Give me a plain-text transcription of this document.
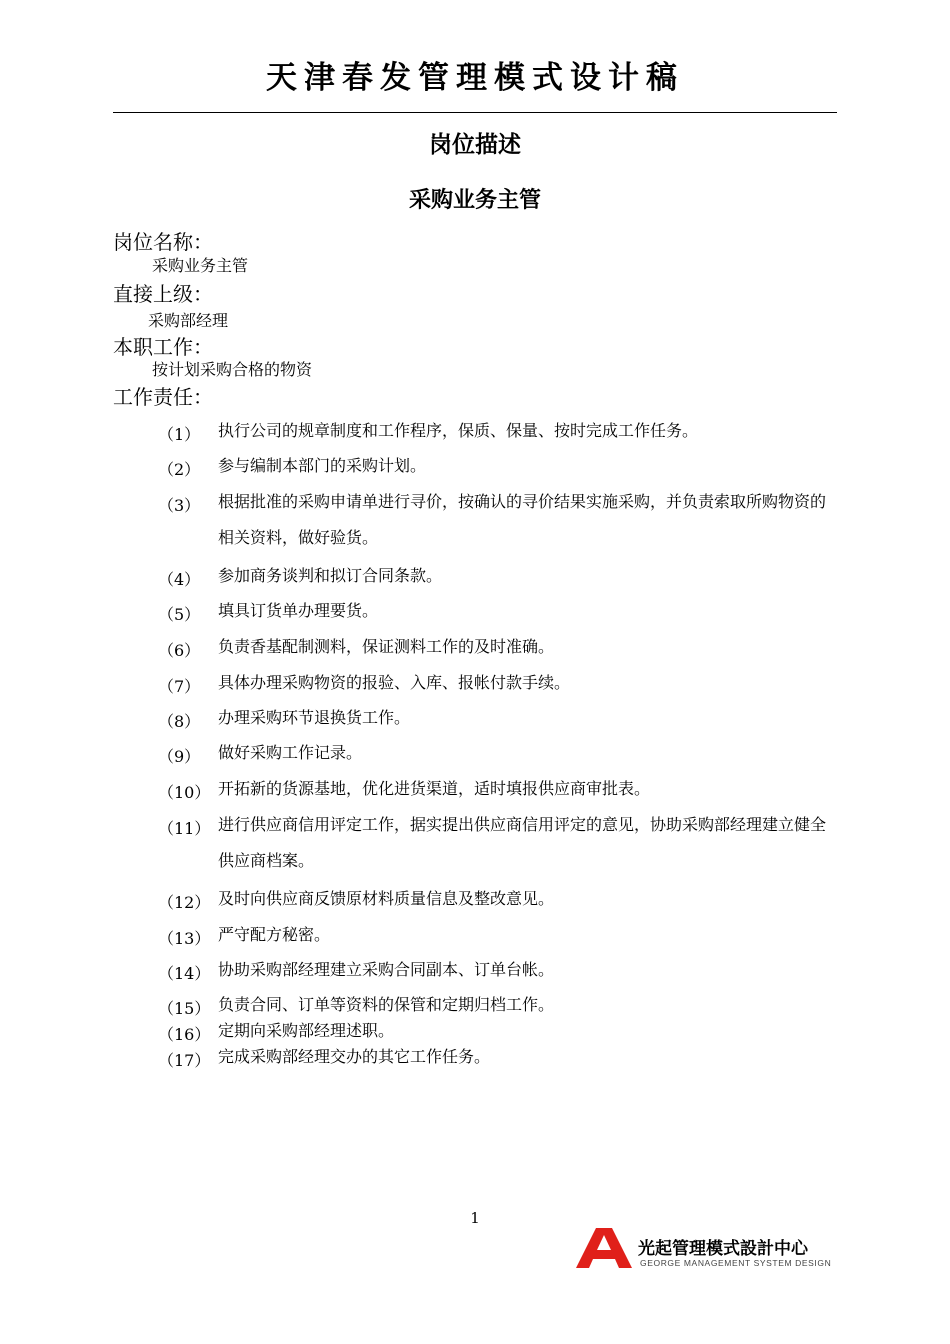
天津春发管理模式设计稿
岗位描述
采购业务主管
岗位名称：
采购业务主管
直接上级：
采购部经理
本职工作：
按计划采购合格的物资
工作责任：
（1） 执行公司的规章制度和工作程序，保质、保量、按时完成工作任务。
（2） 参与编制本部门的采购计划。
（3） 根据批准的采购申请单进行寻价，按确认的寻价结果实施采购，并负责索取所购物资的相关资料，做好验货。
（4） 参加商务谈判和拟订合同条款。
（5） 填具订货单办理要货。
（6） 负责香基配制测料，保证测料工作的及时准确。
（7） 具体办理采购物资的报验、入库、报帐付款手续。
（8） 办理采购环节退换货工作。
（9） 做好采购工作记录。
（10） 开拓新的货源基地，优化进货渠道，适时填报供应商审批表。
（11） 进行供应商信用评定工作，据实提出供应商信用评定的意见，协助采购部经理建立健全供应商档案。
（12） 及时向供应商反馈原材料质量信息及整改意见。
（13） 严守配方秘密。
（14） 协助采购部经理建立采购合同副本、订单台帐。
（15） 负责合同、订单等资料的保管和定期归档工作。
（16） 定期向采购部经理述职。
（17） 完成采购部经理交办的其它工作任务。
1
光起管理模式設計中心
GEORGE MANAGEMENT SYSTEM DESIGN
